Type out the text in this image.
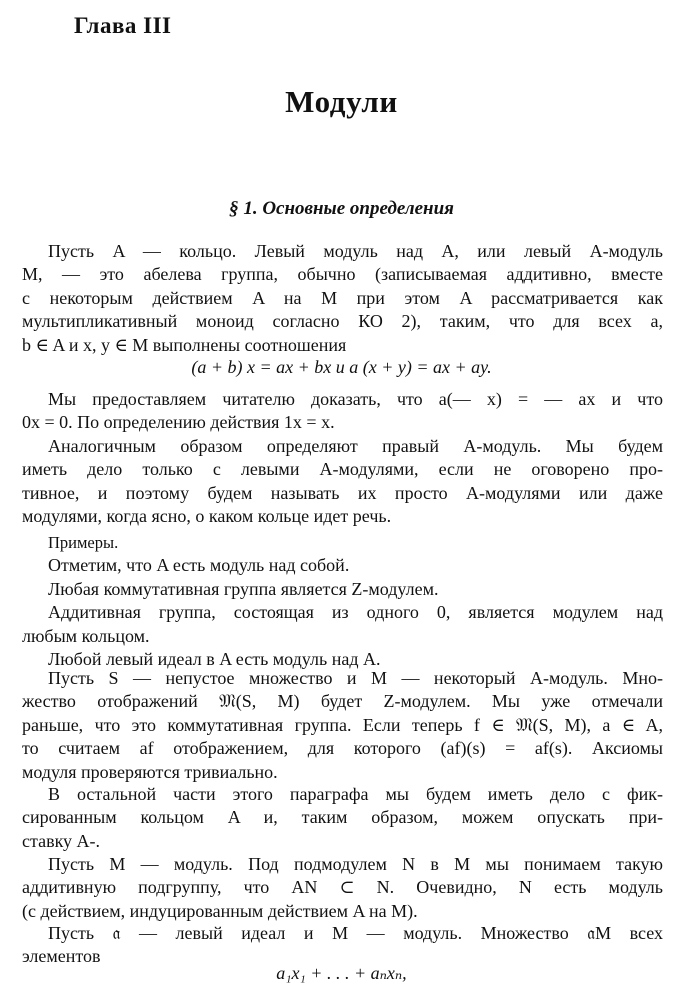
Глава III
Модули
§ 1. Основные определения
Пусть A — кольцо. Левый модуль над A, или левый A-модуль
M, — это абелева группа, обычно (записываемая аддитивно, вместе
с некоторым действием A на M при этом A рассматривается как
мультипликативный моноид согласно КО 2), таким, что для всех a,
b ∈ A и x, y ∈ M выполнены соотношения
(a + b) x = ax + bx и a (x + y) = ax + ay.
Мы предоставляем читателю доказать, что a(— x) = — ax и что
0x = 0. По определению действия 1x = x.
Аналогичным образом определяют правый A-модуль. Мы будем
иметь дело только с левыми A-модулями, если не оговорено про-
тивное, и поэтому будем называть их просто A-модулями или даже
модулями, когда ясно, о каком кольце идет речь.
Примеры.
Отметим, что A есть модуль над собой.
Любая коммутативная группа является Z-модулем.
Аддитивная группа, состоящая из одного 0, является модулем над
любым кольцом.
Любой левый идеал в A есть модуль над A.
Пусть S — непустое множество и M — некоторый A-модуль. Мно-
жество отображений 𝔐(S, M) будет Z-модулем. Мы уже отмечали
раньше, что это коммутативная группа. Если теперь f ∈ 𝔐(S, M), a ∈ A,
то считаем af отображением, для которого (af)(s) = af(s). Аксиомы
модуля проверяются тривиально.
В остальной части этого параграфа мы будем иметь дело с фик-
сированным кольцом A и, таким образом, можем опускать при-
ставку A-.
Пусть M — модуль. Под подмодулем N в M мы понимаем такую
аддитивную подгруппу, что AN ⊂ N. Очевидно, N есть модуль
(с действием, индуцированным действием A на M).
Пусть 𝔞 — левый идеал и M — модуль. Множество 𝔞M всех
элементов
a₁x₁ + . . . + aₙxₙ,
